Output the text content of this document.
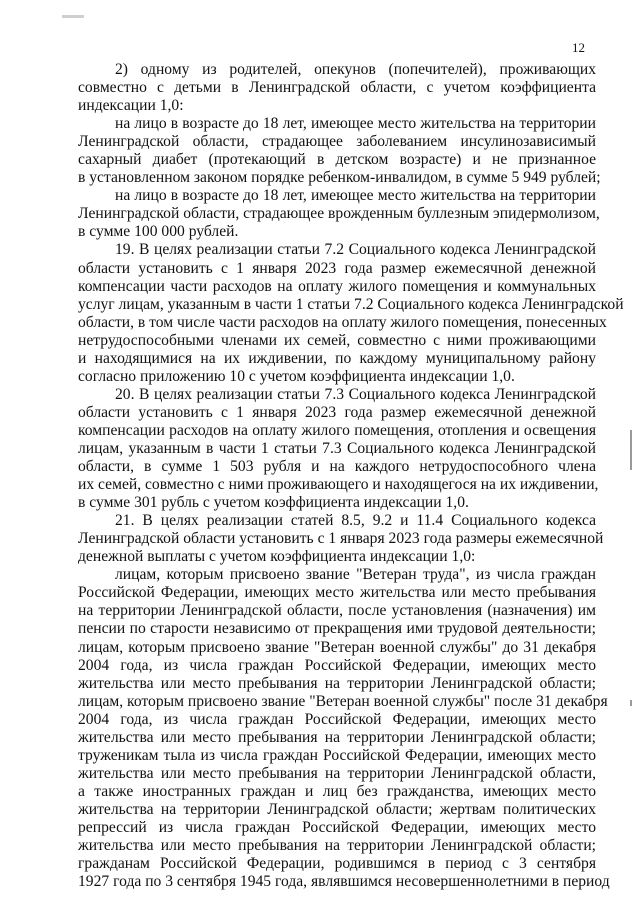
12
2) одному из родителей, опекунов (попечителей), проживающих
совместно с детьми в Ленинградской области, с учетом коэффициента
индексации 1,0:
на лицо в возрасте до 18 лет, имеющее место жительства на территории
Ленинградской области, страдающее заболеванием инсулинозависимый
сахарный диабет (протекающий в детском возрасте) и не признанное
в установленном законом порядке ребенком-инвалидом, в сумме 5 949 рублей;
на лицо в возрасте до 18 лет, имеющее место жительства на территории
Ленинградской области, страдающее врожденным буллезным эпидермолизом,
в сумме 100 000 рублей.
19. В целях реализации статьи 7.2 Социального кодекса Ленинградской
области установить с 1 января 2023 года размер ежемесячной денежной
компенсации части расходов на оплату жилого помещения и коммунальных
услуг лицам, указанным в части 1 статьи 7.2 Социального кодекса Ленинградской
области, в том числе части расходов на оплату жилого помещения, понесенных
нетрудоспособными членами их семей, совместно с ними проживающими
и находящимися на их иждивении, по каждому муниципальному району
согласно приложению 10 с учетом коэффициента индексации 1,0.
20. В целях реализации статьи 7.3 Социального кодекса Ленинградской
области установить с 1 января 2023 года размер ежемесячной денежной
компенсации расходов на оплату жилого помещения, отопления и освещения
лицам, указанным в части 1 статьи 7.3 Социального кодекса Ленинградской
области, в сумме 1 503 рубля и на каждого нетрудоспособного члена
их семей, совместно с ними проживающего и находящегося на их иждивении,
в сумме 301 рубль с учетом коэффициента индексации 1,0.
21. В целях реализации статей 8.5, 9.2 и 11.4 Социального кодекса
Ленинградской области установить с 1 января 2023 года размеры ежемесячной
денежной выплаты с учетом коэффициента индексации 1,0:
лицам, которым присвоено звание "Ветеран труда", из числа граждан
Российской Федерации, имеющих место жительства или место пребывания
на территории Ленинградской области, после установления (назначения) им
пенсии по старости независимо от прекращения ими трудовой деятельности;
лицам, которым присвоено звание "Ветеран военной службы" до 31 декабря
2004 года, из числа граждан Российской Федерации, имеющих место
жительства или место пребывания на территории Ленинградской области;
лицам, которым присвоено звание "Ветеран военной службы" после 31 декабря
2004 года, из числа граждан Российской Федерации, имеющих место
жительства или место пребывания на территории Ленинградской области;
труженикам тыла из числа граждан Российской Федерации, имеющих место
жительства или место пребывания на территории Ленинградской области,
а также иностранных граждан и лиц без гражданства, имеющих место
жительства на территории Ленинградской области; жертвам политических
репрессий из числа граждан Российской Федерации, имеющих место
жительства или место пребывания на территории Ленинградской области;
гражданам Российской Федерации, родившимся в период с 3 сентября
1927 года по 3 сентября 1945 года, являвшимся несовершеннолетними в период
